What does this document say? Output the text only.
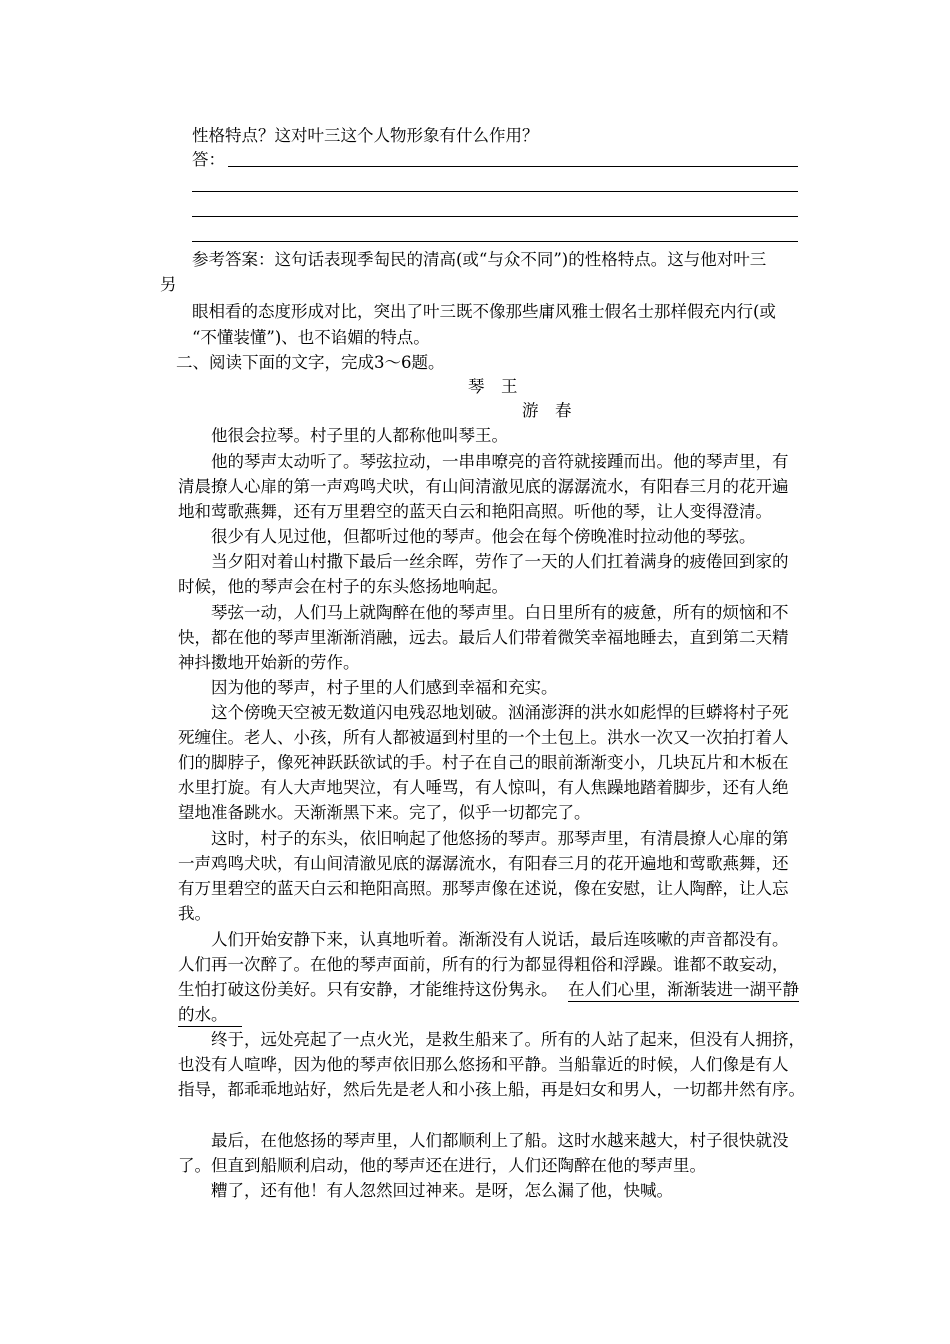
性格特点？这对叶三这个人物形象有什么作用？
答：
参考答案：这句话表现季匋民的清高(或“与众不同”)的性格特点。这与他对叶三
另
眼相看的态度形成对比，突出了叶三既不像那些庸风雅士假名士那样假充内行(或
“不懂装懂”)、也不谄媚的特点。
二、阅读下面的文字，完成3～6题。
琴　王
游　春
他很会拉琴。村子里的人都称他叫琴王。
他的琴声太动听了。琴弦拉动，一串串嘹亮的音符就接踵而出。他的琴声里，有
清晨撩人心扉的第一声鸡鸣犬吠，有山间清澈见底的潺潺流水，有阳春三月的花开遍
地和莺歌燕舞，还有万里碧空的蓝天白云和艳阳高照。听他的琴，让人变得澄清。
很少有人见过他，但都听过他的琴声。他会在每个傍晚准时拉动他的琴弦。
当夕阳对着山村撒下最后一丝余晖，劳作了一天的人们扛着满身的疲倦回到家的
时候，他的琴声会在村子的东头悠扬地响起。
琴弦一动，人们马上就陶醉在他的琴声里。白日里所有的疲惫，所有的烦恼和不
快，都在他的琴声里渐渐消融，远去。最后人们带着微笑幸福地睡去，直到第二天精
神抖擞地开始新的劳作。
因为他的琴声，村子里的人们感到幸福和充实。
这个傍晚天空被无数道闪电残忍地划破。汹涌澎湃的洪水如彪悍的巨蟒将村子死
死缠住。老人、小孩，所有人都被逼到村里的一个土包上。洪水一次又一次拍打着人
们的脚脖子，像死神跃跃欲试的手。村子在自己的眼前渐渐变小，几块瓦片和木板在
水里打旋。有人大声地哭泣，有人唾骂，有人惊叫，有人焦躁地踏着脚步，还有人绝
望地准备跳水。天渐渐黑下来。完了，似乎一切都完了。
这时，村子的东头，依旧响起了他悠扬的琴声。那琴声里，有清晨撩人心扉的第
一声鸡鸣犬吠，有山间清澈见底的潺潺流水，有阳春三月的花开遍地和莺歌燕舞，还
有万里碧空的蓝天白云和艳阳高照。那琴声像在述说，像在安慰，让人陶醉，让人忘
我。
人们开始安静下来，认真地听着。渐渐没有人说话，最后连咳嗽的声音都没有。
人们再一次醉了。在他的琴声面前，所有的行为都显得粗俗和浮躁。谁都不敢妄动，
生怕打破这份美好。只有安静，才能维持这份隽永。 在人们心里，渐渐装进一湖平静
的水。
终于，远处亮起了一点火光，是救生船来了。所有的人站了起来，但没有人拥挤，
也没有人喧哗，因为他的琴声依旧那么悠扬和平静。当船靠近的时候，人们像是有人
指导，都乖乖地站好，然后先是老人和小孩上船，再是妇女和男人，一切都井然有序。
最后，在他悠扬的琴声里，人们都顺利上了船。这时水越来越大，村子很快就没
了。但直到船顺利启动，他的琴声还在进行，人们还陶醉在他的琴声里。
糟了，还有他！有人忽然回过神来。是呀，怎么漏了他，快喊。
